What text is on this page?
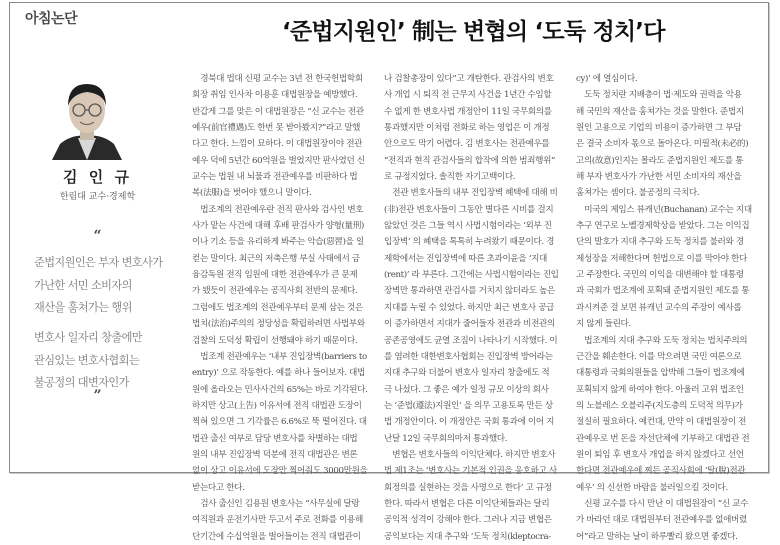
아침논단	‘준법지원인’ 制는 변협의 ‘도둑 정치’다
김 인 규
한림대 교수·경제학
“
준법지원인은 부자 변호사가
가난한 서민 소비자의
재산을 훔쳐가는 행위
변호사 일자리 창출에만
관심있는 변호사협회는
불공정의 대변자인가
”
　경북대 법대 신평 교수는 3년 전 한국헌법학회
회장 취임 인사차 이용훈 대법원장을 예방했다.
반갑게 그를 맞은 이 대법원장은 “신 교수는 전관
예우(前官禮遇)도 한번 못 받아봤지?”라고 말했
다고 한다. 느낌이 묘하다. 이 대법원장이야 전관
예우 덕에 5년간 60억원을 벌었지만 판사였던 신
교수는 법원 내 뇌물과 전관예우를 비판하다 법
복(法服)을 벗어야 했으니 말이다.
　법조계의 전관예우란 전직 판사와 검사인 변호
사가 맡는 사건에 대해 후배 판검사가 양형(量刑)
이나 기소 등을 유리하게 봐주는 악습(惡習)을 일
컫는 말이다. 최근의 저축은행 부실 사태에서 금
융감독원 전직 임원에 대한 전관예우가 큰 문제
가 됐듯이 전관예우는 공직사회 전반의 문제다.
그럼에도 법조계의 전관예우부터 문제 삼는 것은
법치(法治)주의의 정당성을 확립하려면 사법부와
검찰의 도덕성 확립이 선행돼야 하기 때문이다.
　법조계 전관예우는 ‘내부 진입장벽(barriers to
entry)’ 으로 작동한다. 예를 하나 들어보자. 대법
원에 올라오는 민사사건의 65%는 바로 기각된다.
하지만 상고(上告) 이유서에 전직 대법관 도장이
찍혀 있으면 그 기각률은 6.6%로 뚝 떨어진다. 대
법관 출신 여부로 담당 변호사를 차별하는 대법
원의 내부 진입장벽 덕분에 전직 대법관은 변론
없이 상고 이유서에 도장만 찍어줘도 3000만원을
받는다고 한다.
　검사 출신인 김용원 변호사는 “사무실에 달랑
여직원과 운전기사만 두고서 주로 전화를 이용해
단기간에 수십억원을 벌어들이는 전직 대법관이
나 검찰총장이 있다”고 개탄한다. 관검사의 변호
사 개업 시 퇴직 전 근무지 사건을 1년간 수임할
수 없게 한 변호사법 개정안이 11일 국무회의를
통과했지만 이처럼 전화로 하는 영업은 이 개정
안으로도 막기 어렵다. 김 변호사는 전관예우를
“전직과 현직 관검사들의 합작에 의한 범죄행위”
로 규정지었다. 솔직한 자기고백이다.
　전관 변호사들의 내부 진입장벽 혜택에 대해 비
(非)전관 변호사들이 그동안 별다른 시비를 걸지
않았던 것은 그들 역시 사법시험이라는 ‘외부 진
입장벽’ 의 혜택을 톡톡히 누려왔기 때문이다. 경
제학에서는 진입장벽에 따른 초과이윤을 ‘지대
(rent)’ 라 부른다. 그간에는 사법시험이라는 진입
장벽만 통과하면 관검사를 거치지 않더라도 높은
지대를 누릴 수 있었다. 하지만 최근 변호사 공급
이 증가하면서 지대가 줄어들자 전관과 비전관의
공존공영에도 균열 조짐이 나타나기 시작했다. 이
를 염려한 대한변호사협회는 진입장벽 방어라는
지대 추구와 더불어 변호사 일자리 창출에도 적
극 나섰다. 그 좋은 예가 일정 규모 이상의 회사
는 ‘준법(遵法)지원인’ 을 의무 고용토록 만든 상
법 개정안이다. 이 개정안은 국회 통과에 이어 지
난달 12일 국무회의마저 통과했다.
　변협은 변호사들의 이익단체다. 하지만 변호사
법 제1조는 ‘변호사는 기본적 인권을 옹호하고 사
회정의를 실현하는 것을 사명으로 한다’ 고 규정
한다. 따라서 변협은 다른 이익단체들과는 달리
공익적 성격이 강해야 한다. 그러나 지금 변협은
공익보다는 지대 추구와 ‘도둑 정치(kleptocra-
cy)’ 에 열심이다.
　도둑 정치란 지배층이 법·제도와 권력을 악용
해 국민의 재산을 훔쳐가는 것을 말한다. 준법지
원인 고용으로 기업의 비용이 증가하면 그 부담
은 결국 소비자 몫으로 돌아온다. 미필적(未必的)
고의(故意)인지는 몰라도 준법지원인 제도를 통
해 부자 변호사가 가난한 서민 소비자의 재산을
훔쳐가는 셈이다. 불공정의 극치다.
　미국의 제임스 뷰캐넌(Buchanan) 교수는 지대
추구 연구로 노벨경제학상을 받았다. 그는 이익집
단의 발호가 지대 추구와 도둑 정치를 불러와 경
제성장을 저해한다며 헌법으로 이를 막아야 한다
고 주장한다. 국민의 이익을 대변해야 할 대통령
과 국회가 법조계에 포획돼 준법지원인 제도를 통
과시켜준 걸 보면 뷰캐넌 교수의 주장이 예사롭
지 않게 들린다.
　법조계의 지대 추구와 도둑 정치는 법치주의의
근간을 훼손한다. 이를 막으려면 국민 여론으로
대통령과 국회의원들을 압박해 그들이 법조계에
포획되지 않게 하여야 한다. 아울러 고위 법조인
의 노블레스 오블리주(지도층의 도덕적 의무)가
절실히 필요하다. 예컨대, 만약 이 대법원장이 전
관예우로 번 돈을 자선단체에 기부하고 대법관 전
원이 퇴임 후 변호사 개업을 하지 않겠다고 선언
한다면 전관예우에 찌든 공직사회에 ‘탈(脫)전관
예우’ 의 신선한 바람을 불러일으킬 것이다.
　신평 교수를 다시 만난 이 대법원장이 “신 교수
가 바라던 대로 대법원부터 전관예우를 없애버렸
어”라고 말하는 날이 하루빨리 왔으면 좋겠다.
